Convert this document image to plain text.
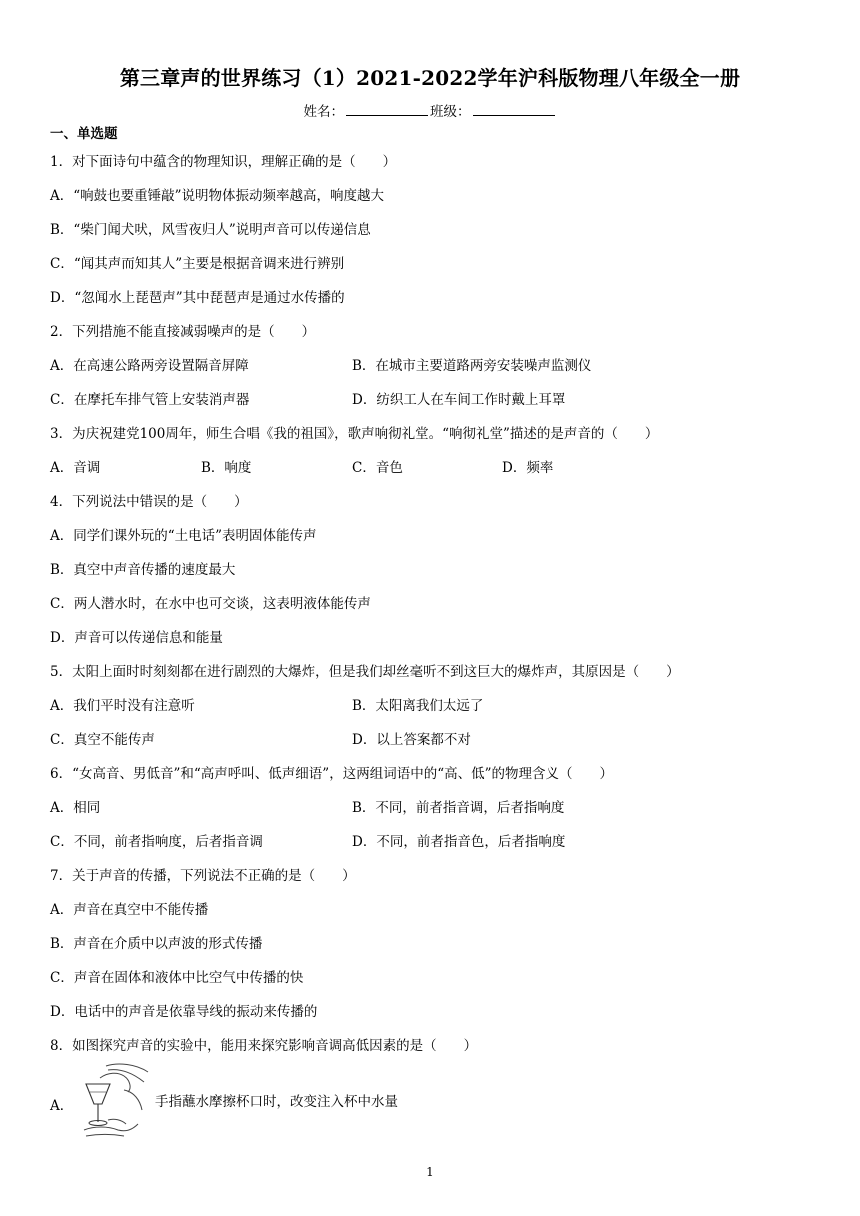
第三章声的世界练习（1）2021-2022学年沪科版物理八年级全一册
姓名：	班级：
一、单选题
1．对下面诗句中蕴含的物理知识，理解正确的是（　　）
A．“响鼓也要重锤敲”说明物体振动频率越高，响度越大
B．“柴门闻犬吠，风雪夜归人”说明声音可以传递信息
C．“闻其声而知其人”主要是根据音调来进行辨别
D．“忽闻水上琵琶声”其中琵琶声是通过水传播的
2．下列措施不能直接减弱噪声的是（　　）
A．在高速公路两旁设置隔音屏障	B．在城市主要道路两旁安装噪声监测仪
C．在摩托车排气管上安装消声器	D．纺织工人在车间工作时戴上耳罩
3．为庆祝建党100周年，师生合唱《我的祖国》，歌声响彻礼堂。“响彻礼堂”描述的是声音的（　　）
A．音调	B．响度	C．音色	D．频率
4．下列说法中错误的是（　　）
A．同学们课外玩的“土电话”表明固体能传声
B．真空中声音传播的速度最大
C．两人潜水时，在水中也可交谈，这表明液体能传声
D．声音可以传递信息和能量
5．太阳上面时时刻刻都在进行剧烈的大爆炸，但是我们却丝毫听不到这巨大的爆炸声，其原因是（　　）
A．我们平时没有注意听	B．太阳离我们太远了
C．真空不能传声	D．以上答案都不对
6．“女高音、男低音”和“高声呼叫、低声细语”，这两组词语中的“高、低”的物理含义（　　）
A．相同	B．不同，前者指音调，后者指响度
C．不同，前者指响度，后者指音调	D．不同，前者指音色，后者指响度
7．关于声音的传播，下列说法不正确的是（　　）
A．声音在真空中不能传播
B．声音在介质中以声波的形式传播
C．声音在固体和液体中比空气中传播的快
D．电话中的声音是依靠导线的振动来传播的
8．如图探究声音的实验中，能用来探究影响音调高低因素的是（　　）
A．	手指蘸水摩擦杯口时，改变注入杯中水量
1
